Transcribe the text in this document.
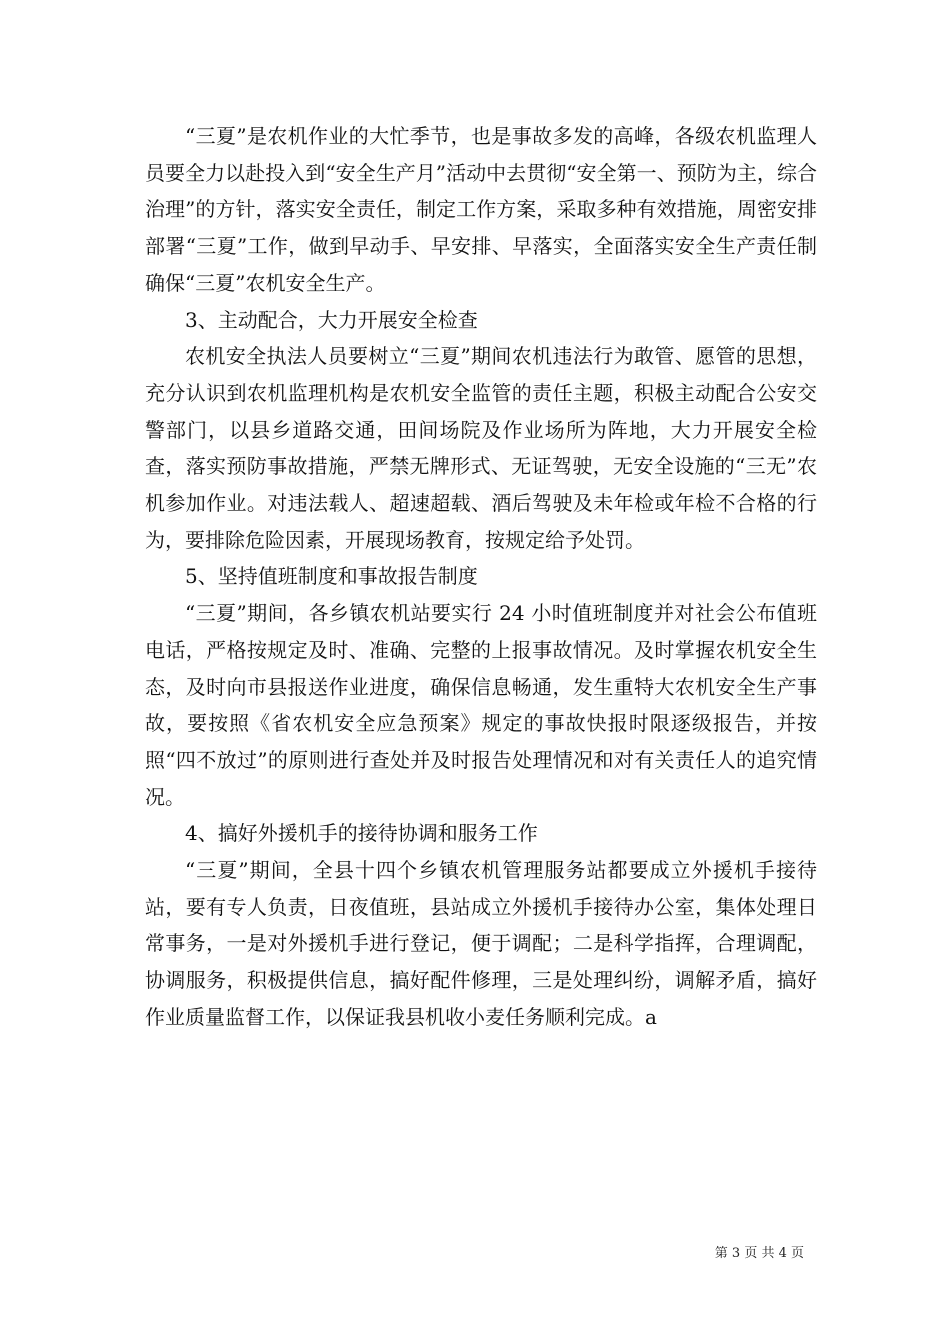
“三夏”是农机作业的大忙季节，也是事故多发的高峰，各级农机监理人员要全力以赴投入到“安全生产月”活动中去贯彻“安全第一、预防为主，综合治理”的方针，落实安全责任，制定工作方案，采取多种有效措施，周密安排部署“三夏”工作，做到早动手、早安排、早落实，全面落实安全生产责任制确保“三夏”农机安全生产。

3、主动配合，大力开展安全检查

农机安全执法人员要树立“三夏”期间农机违法行为敢管、愿管的思想，充分认识到农机监理机构是农机安全监管的责任主题，积极主动配合公安交警部门，以县乡道路交通，田间场院及作业场所为阵地，大力开展安全检查，落实预防事故措施，严禁无牌形式、无证驾驶，无安全设施的“三无”农机参加作业。对违法载人、超速超载、酒后驾驶及未年检或年检不合格的行为，要排除危险因素，开展现场教育，按规定给予处罚。

5、坚持值班制度和事故报告制度

“三夏”期间，各乡镇农机站要实行 24 小时值班制度并对社会公布值班电话，严格按规定及时、准确、完整的上报事故情况。及时掌握农机安全生态，及时向市县报送作业进度，确保信息畅通，发生重特大农机安全生产事故，要按照《省农机安全应急预案》规定的事故快报时限逐级报告，并按照“四不放过”的原则进行查处并及时报告处理情况和对有关责任人的追究情况。

4、搞好外援机手的接待协调和服务工作

“三夏”期间，全县十四个乡镇农机管理服务站都要成立外援机手接待站，要有专人负责，日夜值班，县站成立外援机手接待办公室，集体处理日常事务，一是对外援机手进行登记，便于调配；二是科学指挥，合理调配，协调服务，积极提供信息，搞好配件修理，三是处理纠纷，调解矛盾，搞好作业质量监督工作，以保证我县机收小麦任务顺利完成。a

第 3 页 共 4 页
